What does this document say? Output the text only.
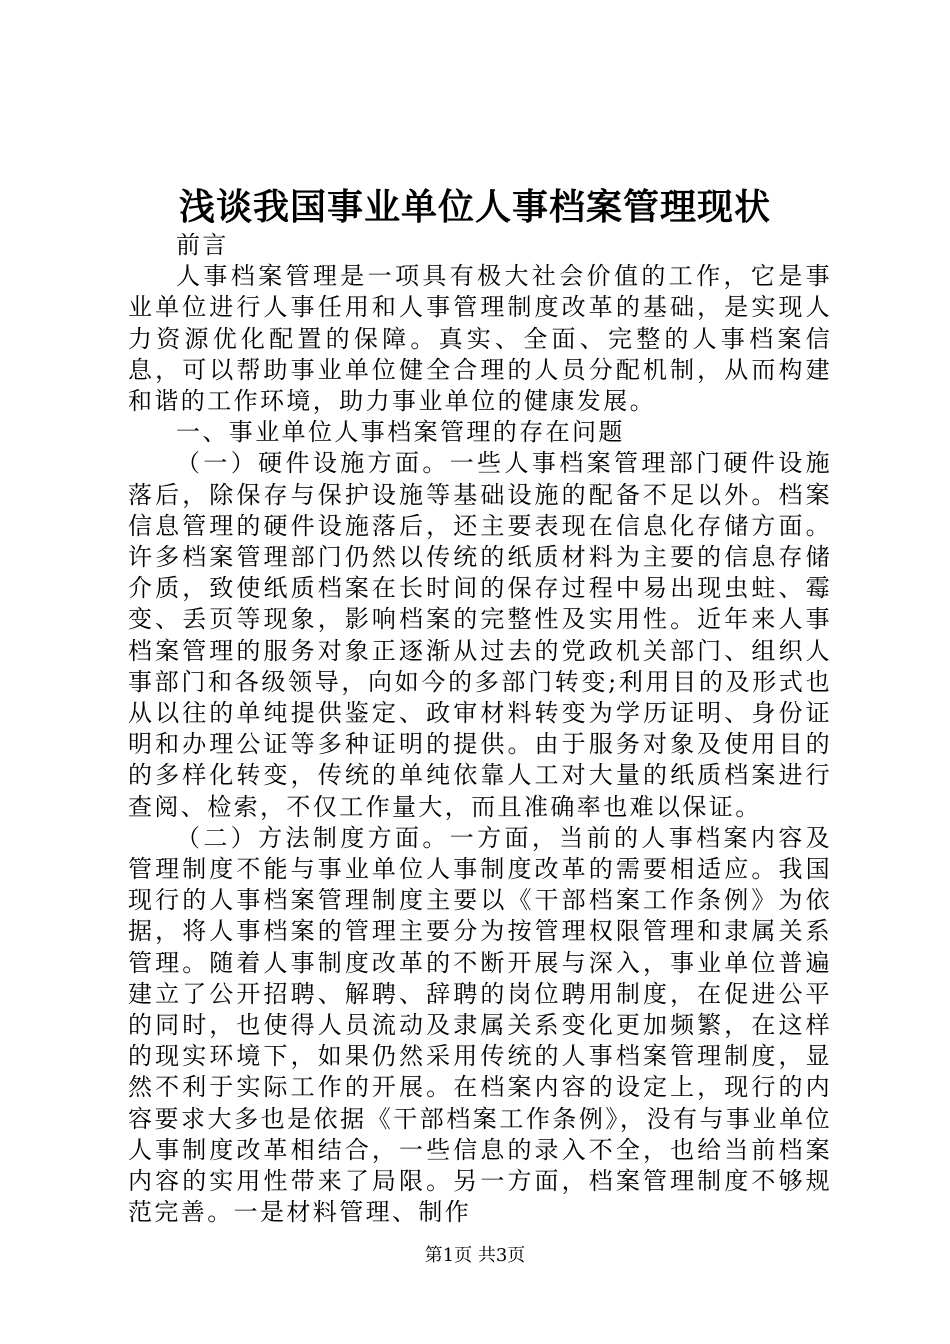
浅谈我国事业单位人事档案管理现状

前言

人事档案管理是一项具有极大社会价值的工作，它是事业单位进行人事任用和人事管理制度改革的基础，是实现人力资源优化配置的保障。真实、全面、完整的人事档案信息，可以帮助事业单位健全合理的人员分配机制，从而构建和谐的工作环境，助力事业单位的健康发展。

一、事业单位人事档案管理的存在问题

（一）硬件设施方面。一些人事档案管理部门硬件设施落后，除保存与保护设施等基础设施的配备不足以外。档案信息管理的硬件设施落后，还主要表现在信息化存储方面。许多档案管理部门仍然以传统的纸质材料为主要的信息存储介质，致使纸质档案在长时间的保存过程中易出现虫蛀、霉变、丢页等现象，影响档案的完整性及实用性。近年来人事档案管理的服务对象正逐渐从过去的党政机关部门、组织人事部门和各级领导，向如今的多部门转变;利用目的及形式也从以往的单纯提供鉴定、政审材料转变为学历证明、身份证明和办理公证等多种证明的提供。由于服务对象及使用目的的多样化转变，传统的单纯依靠人工对大量的纸质档案进行查阅、检索，不仅工作量大，而且准确率也难以保证。

（二）方法制度方面。一方面，当前的人事档案内容及管理制度不能与事业单位人事制度改革的需要相适应。我国现行的人事档案管理制度主要以《干部档案工作条例》为依据，将人事档案的管理主要分为按管理权限管理和隶属关系管理。随着人事制度改革的不断开展与深入，事业单位普遍建立了公开招聘、解聘、辞聘的岗位聘用制度，在促进公平的同时，也使得人员流动及隶属关系变化更加频繁，在这样的现实环境下，如果仍然采用传统的人事档案管理制度，显然不利于实际工作的开展。在档案内容的设定上，现行的内容要求大多也是依据《干部档案工作条例》，没有与事业单位人事制度改革相结合，一些信息的录入不全，也给当前档案内容的实用性带来了局限。另一方面，档案管理制度不够规范完善。一是材料管理、制作

第1页 共3页
